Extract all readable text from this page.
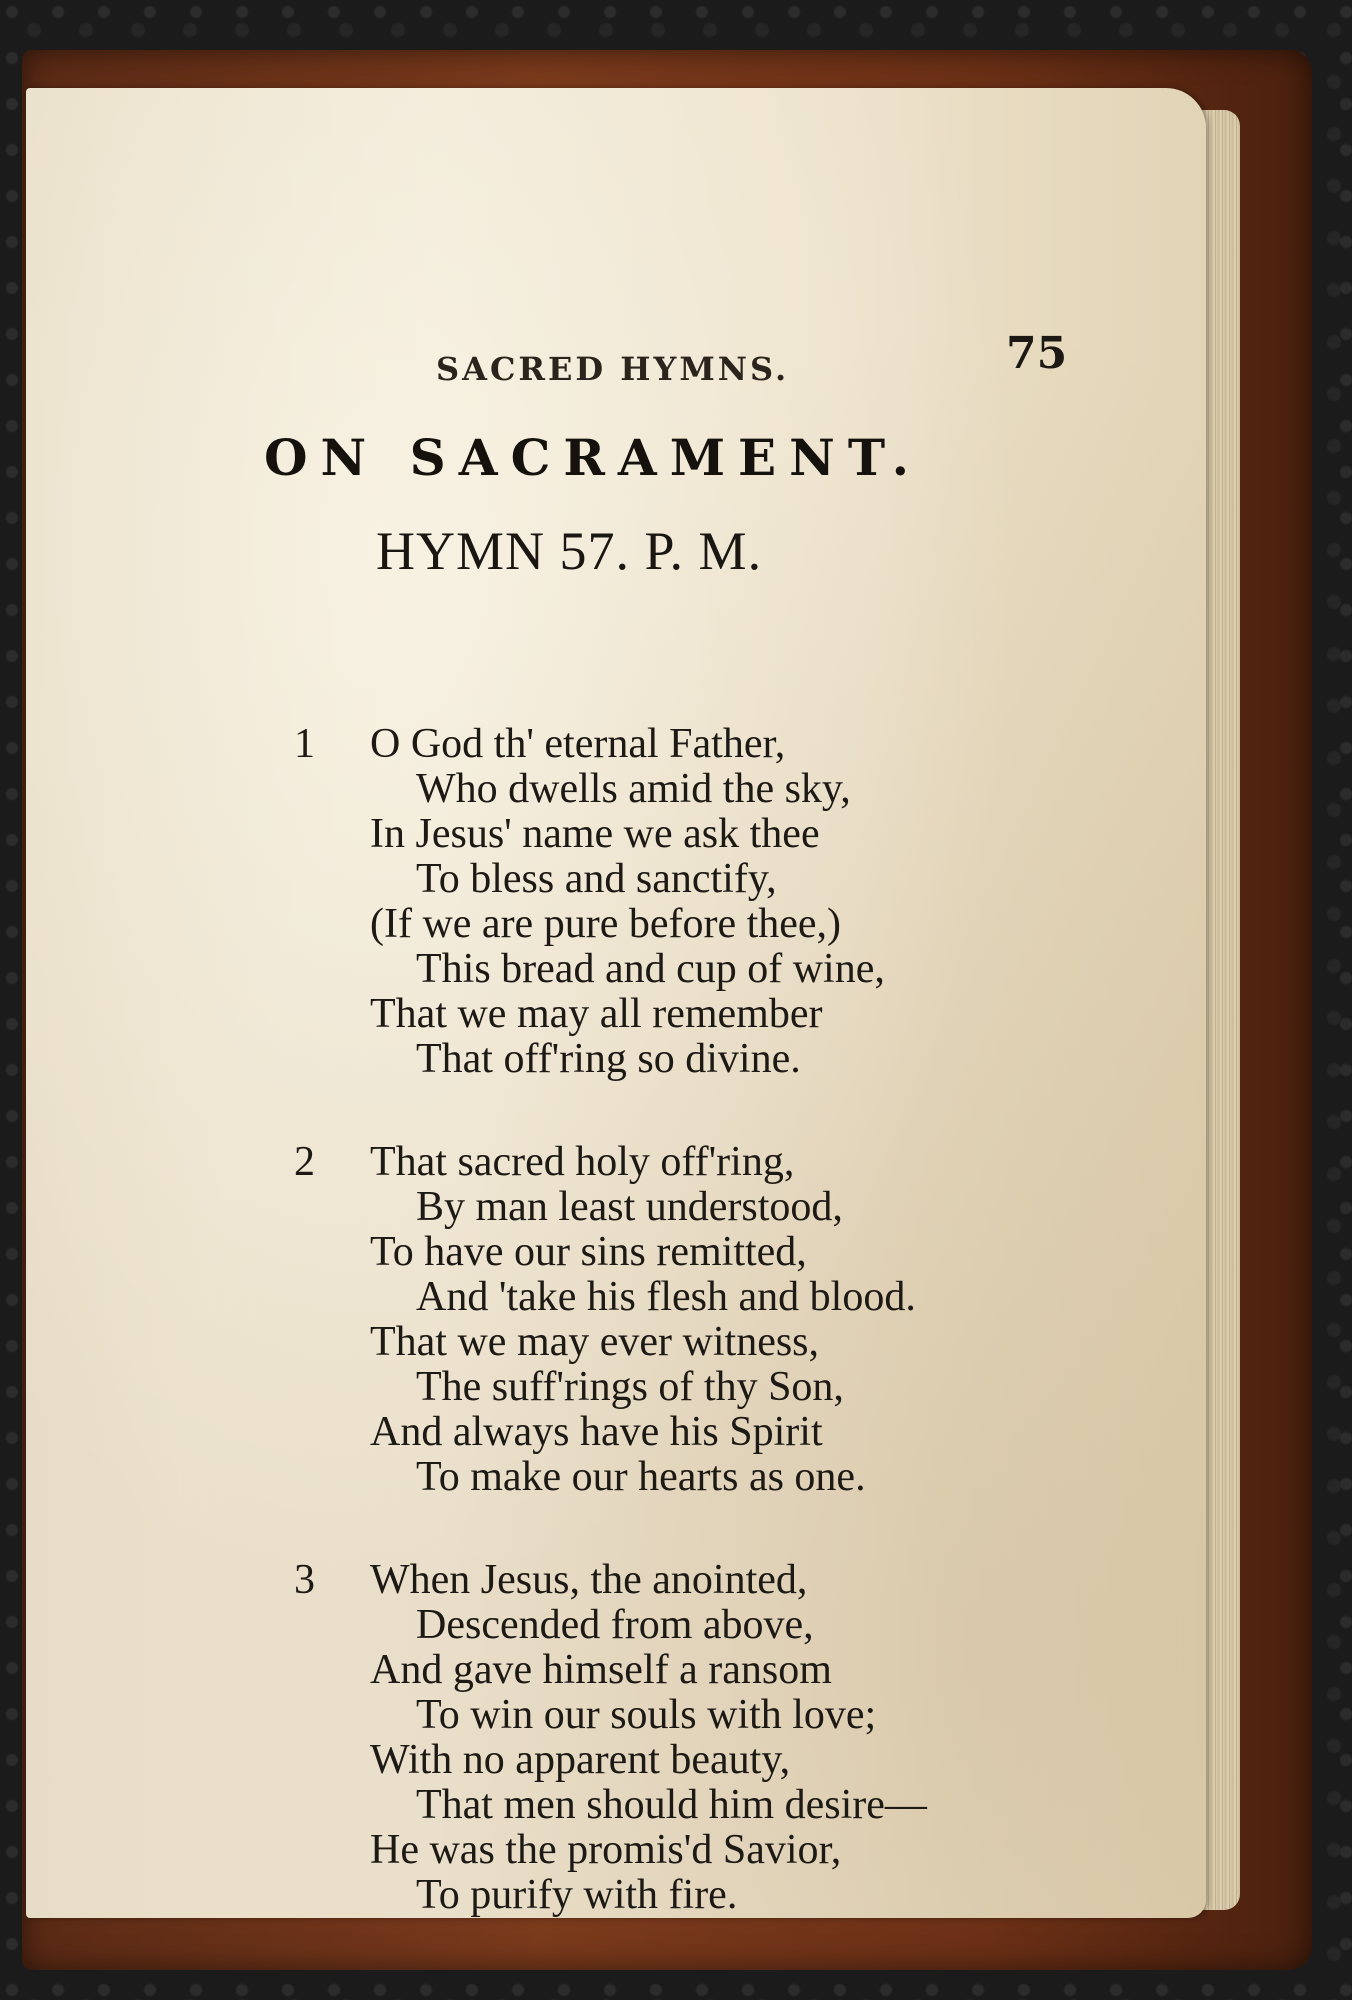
SACRED HYMNS.	75
ON SACRAMENT.
HYMN 57. P. M.
1	O God th' eternal Father,
Who dwells amid the sky,
In Jesus' name we ask thee
To bless and sanctify,
(If we are pure before thee,)
This bread and cup of wine,
That we may all remember
That off'ring so divine.
2	That sacred holy off'ring,
By man least understood,
To have our sins remitted,
And 'take his flesh and blood.
That we may ever witness,
The suff'rings of thy Son,
And always have his Spirit
To make our hearts as one.
3	When Jesus, the anointed,
Descended from above,
And gave himself a ransom
To win our souls with love;
With no apparent beauty,
That men should him desire—
He was the promis'd Savior,
To purify with fire.
